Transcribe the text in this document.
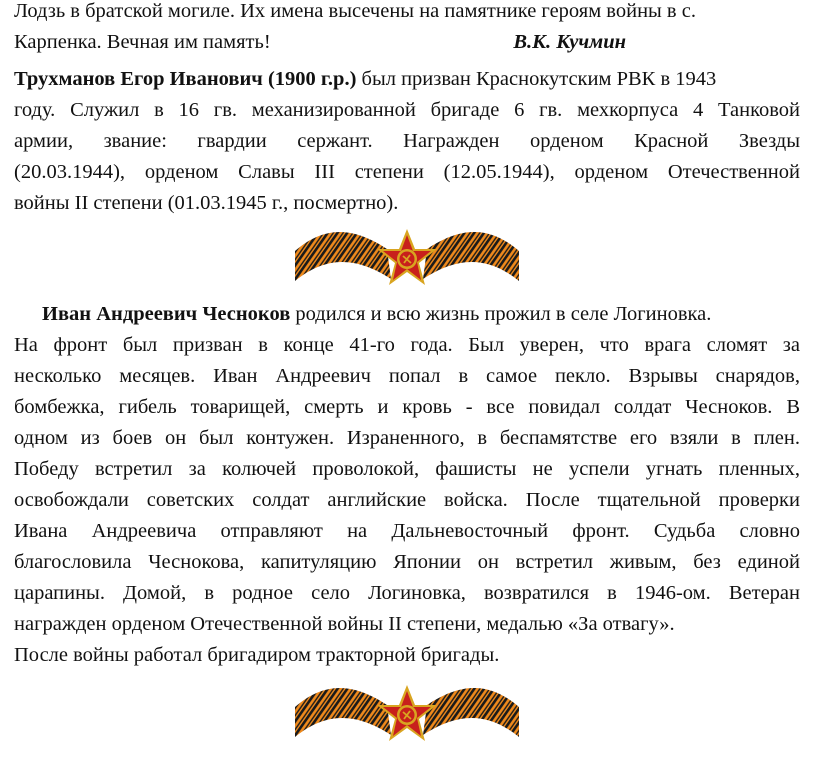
Лодзь в братской могиле. Их имена высечены на памятнике героям войны в с.
Карпенка. Вечная им память!	В.К. Кучмин
Трухманов Егор Иванович (1900 г.р.) был призван Краснокутским РВК в 1943
году. Служил в 16 гв. механизированной бригаде 6 гв. мехкорпуса 4 Танковой
армии, звание: гвардии сержант. Награжден орденом Красной Звезды
(20.03.1944), орденом Славы III степени (12.05.1944), орденом Отечественной
войны II степени (01.03.1945 г., посмертно).
Иван Андреевич Чесноков родился и всю жизнь прожил в селе Логиновка.
На фронт был призван в конце 41-го года. Был уверен, что врага сломят за
несколько месяцев. Иван Андреевич попал в самое пекло. Взрывы снарядов,
бомбежка, гибель товарищей, смерть и кровь - все повидал солдат Чесноков. В
одном из боев он был контужен. Израненного, в беспамятстве его взяли в плен.
Победу встретил за колючей проволокой, фашисты не успели угнать пленных,
освобождали советских солдат английские войска. После тщательной проверки
Ивана Андреевича отправляют на Дальневосточный фронт. Судьба словно
благословила Чеснокова, капитуляцию Японии он встретил живым, без единой
царапины. Домой, в родное село Логиновка, возвратился в 1946-ом. Ветеран
награжден орденом Отечественной войны II степени, медалью «За отвагу».
После войны работал бригадиром тракторной бригады.
